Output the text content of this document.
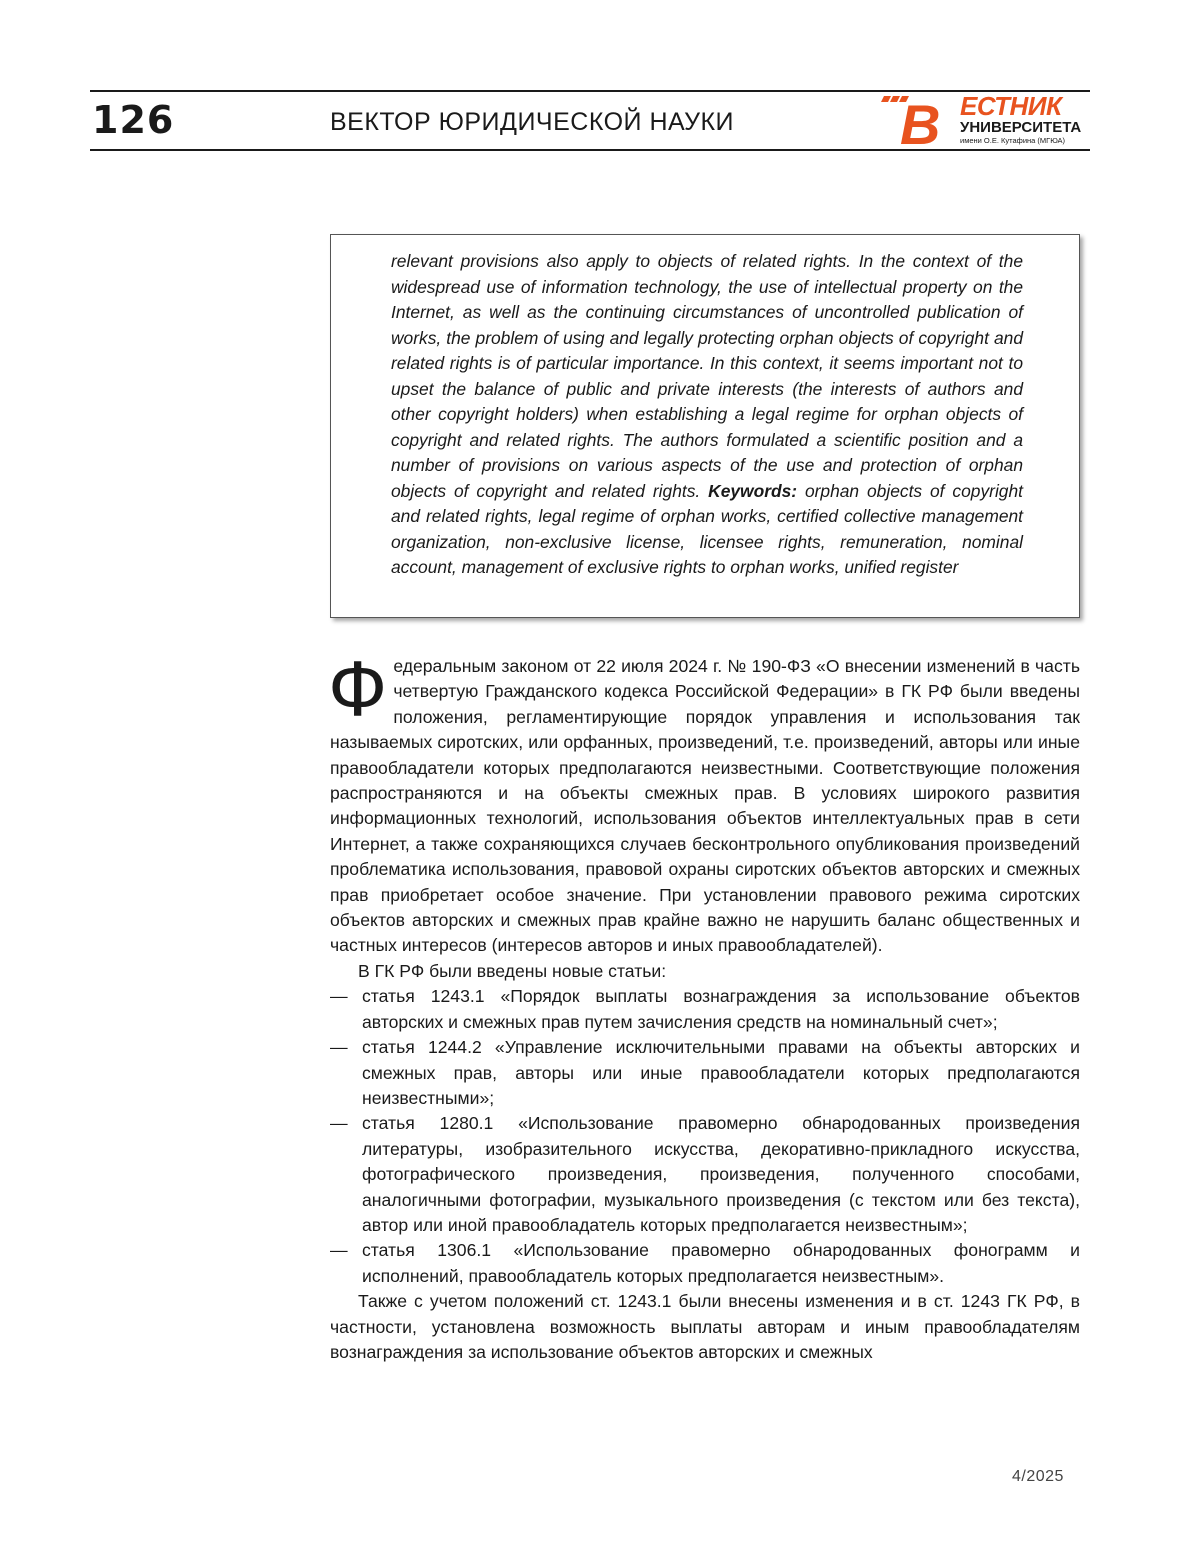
126	ВЕКТОР ЮРИДИЧЕСКОЙ НАУКИ	В ЕСТНИК
УНИВЕРСИТЕТА
имени О.Е. Кутафина (МГЮА)

relevant provisions also apply to objects of related rights. In the context of the widespread use of information technology, the use of intellectual property on the Internet, as well as the continuing circumstances of uncontrolled publication of works, the problem of using and legally protecting orphan objects of copyright and related rights is of particular importance. In this context, it seems important not to upset the balance of public and private interests (the interests of authors and other copyright holders) when establishing a legal regime for orphan objects of copyright and related rights. The authors formulated a scientific position and a number of provisions on various aspects of the use and protection of orphan objects of copyright and related rights. Keywords: orphan objects of copyright and related rights, legal regime of orphan works, certified collective management organization, non-exclusive license, licensee rights, remuneration, nominal account, management of exclusive rights to orphan works, unified register

Ф едеральным законом от 22 июля 2024 г. № 190-ФЗ «О внесении изменений в часть четвертую Гражданского кодекса Российской Федерации» в ГК РФ были введены положения, регламентирующие порядок управления и использования так называемых сиротских, или орфанных, произведений, т.е. произведений, авторы или иные правообладатели которых предполагаются неизвестными. Соответствующие положения распространяются и на объекты смежных прав. В условиях широкого развития информационных технологий, использования объектов интеллектуальных прав в сети Интернет, а также сохраняющихся случаев бесконтрольного опубликования произведений проблематика использования, правовой охраны сиротских объектов авторских и смежных прав приобретает особое значение. При установлении правового режима сиротских объектов авторских и смежных прав крайне важно не нарушить баланс общественных и частных интересов (интересов авторов и иных правообладателей).

В ГК РФ были введены новые статьи:

— статья 1243.1 «Порядок выплаты вознаграждения за использование объектов авторских и смежных прав путем зачисления средств на номинальный счет»;
— статья 1244.2 «Управление исключительными правами на объекты авторских и смежных прав, авторы или иные правообладатели которых предполагаются неизвестными»;
— статья 1280.1 «Использование правомерно обнародованных произведения литературы, изобразительного искусства, декоративно-прикладного искусства, фотографического произведения, произведения, полученного способами, аналогичными фотографии, музыкального произведения (с текстом или без текста), автор или иной правообладатель которых предполагается неизвестным»;
— статья 1306.1 «Использование правомерно обнародованных фонограмм и исполнений, правообладатель которых предполагается неизвестным».

Также с учетом положений ст. 1243.1 были внесены изменения и в ст. 1243 ГК РФ, в частности, установлена возможность выплаты авторам и иным правообладателям вознаграждения за использование объектов авторских и смежных

4/2025
